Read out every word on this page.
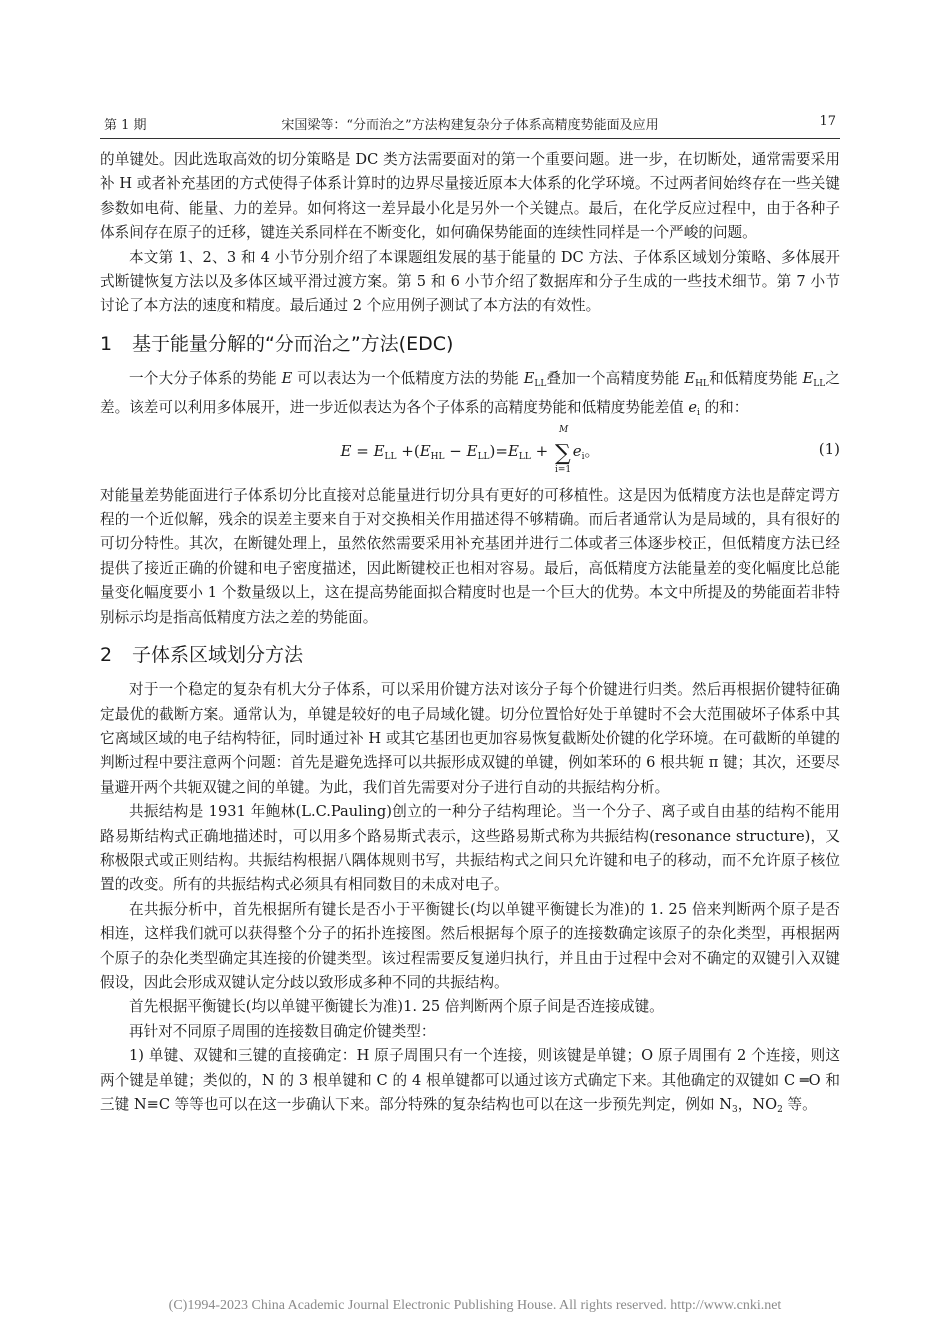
第 1 期	宋国梁等：“分而治之”方法构建复杂分子体系高精度势能面及应用	17

的单键处。因此选取高效的切分策略是 DC 类方法需要面对的第一个重要问题。进一步，在切断处，通常需要采用补 H 或者补充基团的方式使得子体系计算时的边界尽量接近原本大体系的化学环境。不过两者间始终存在一些关键参数如电荷、能量、力的差异。如何将这一差异最小化是另外一个关键点。最后，在化学反应过程中，由于各种子体系间存在原子的迁移，键连关系同样在不断变化，如何确保势能面的连续性同样是一个严峻的问题。

本文第 1、2、3 和 4 小节分别介绍了本课题组发展的基于能量的 DC 方法、子体系区域划分策略、多体展开式断键恢复方法以及多体区域平滑过渡方案。第 5 和 6 小节介绍了数据库和分子生成的一些技术细节。第 7 小节讨论了本方法的速度和精度。最后通过 2 个应用例子测试了本方法的有效性。

1 基于能量分解的“分而治之”方法(EDC)

一个大分子体系的势能 E 可以表达为一个低精度方法的势能 $E_{LL}$叠加一个高精度势能 $E_{HL}$和低精度势能 $E_{LL}$之差。该差可以利用多体展开，进一步近似表达为各个子体系的高精度势能和低精度势能差值 $e_i$ 的和：

$E = E_{LL} +(E_{HL} - E_{LL})=E_{LL}$ +
M
∑
i=1
$e_i$。	(1)

对能量差势能面进行子体系切分比直接对总能量进行切分具有更好的可移植性。这是因为低精度方法也是薛定谔方程的一个近似解，残余的误差主要来自于对交换相关作用描述得不够精确。而后者通常认为是局域的，具有很好的可切分特性。其次，在断键处理上，虽然依然需要采用补充基团并进行二体或者三体逐步校正，但低精度方法已经提供了接近正确的价键和电子密度描述，因此断键校正也相对容易。最后，高低精度方法能量差的变化幅度比总能量变化幅度要小 1 个数量级以上，这在提高势能面拟合精度时也是一个巨大的优势。本文中所提及的势能面若非特别标示均是指高低精度方法之差的势能面。

2 子体系区域划分方法

对于一个稳定的复杂有机大分子体系，可以采用价键方法对该分子每个价键进行归类。然后再根据价键特征确定最优的截断方案。通常认为，单键是较好的电子局域化键。切分位置恰好处于单键时不会大范围破坏子体系中其它离域区域的电子结构特征，同时通过补 H 或其它基团也更加容易恢复截断处价键的化学环境。在可截断的单键的判断过程中要注意两个问题：首先是避免选择可以共振形成双键的单键，例如苯环的 6 根共轭 π 键；其次，还要尽量避开两个共轭双键之间的单键。为此，我们首先需要对分子进行自动的共振结构分析。

共振结构是 1931 年鲍林(L.C.Pauling)创立的一种分子结构理论。当一个分子、离子或自由基的结构不能用路易斯结构式正确地描述时，可以用多个路易斯式表示，这些路易斯式称为共振结构(resonance structure)，又称极限式或正则结构。共振结构根据八隅体规则书写，共振结构式之间只允许键和电子的移动，而不允许原子核位置的改变。所有的共振结构式必须具有相同数目的未成对电子。

在共振分析中，首先根据所有键长是否小于平衡键长(均以单键平衡键长为准)的 1. 25 倍来判断两个原子是否相连，这样我们就可以获得整个分子的拓扑连接图。然后根据每个原子的连接数确定该原子的杂化类型，再根据两个原子的杂化类型确定其连接的价键类型。该过程需要反复递归执行，并且由于过程中会对不确定的双键引入双键假设，因此会形成双键认定分歧以致形成多种不同的共振结构。

首先根据平衡键长(均以单键平衡键长为准)1. 25 倍判断两个原子间是否连接成键。

再针对不同原子周围的连接数目确定价键类型：

1) 单键、双键和三键的直接确定：H 原子周围只有一个连接，则该键是单键；O 原子周围有 2 个连接，则这两个键是单键；类似的，N 的 3 根单键和 C 的 4 根单键都可以通过该方式确定下来。其他确定的双键如 C ═O 和三键 N≡C 等等也可以在这一步确认下来。部分特殊的复杂结构也可以在这一步预先判定，例如 $N_3$，$NO_2$ 等。

(C)1994-2023 China Academic Journal Electronic Publishing House. All rights reserved. http://www.cnki.net
